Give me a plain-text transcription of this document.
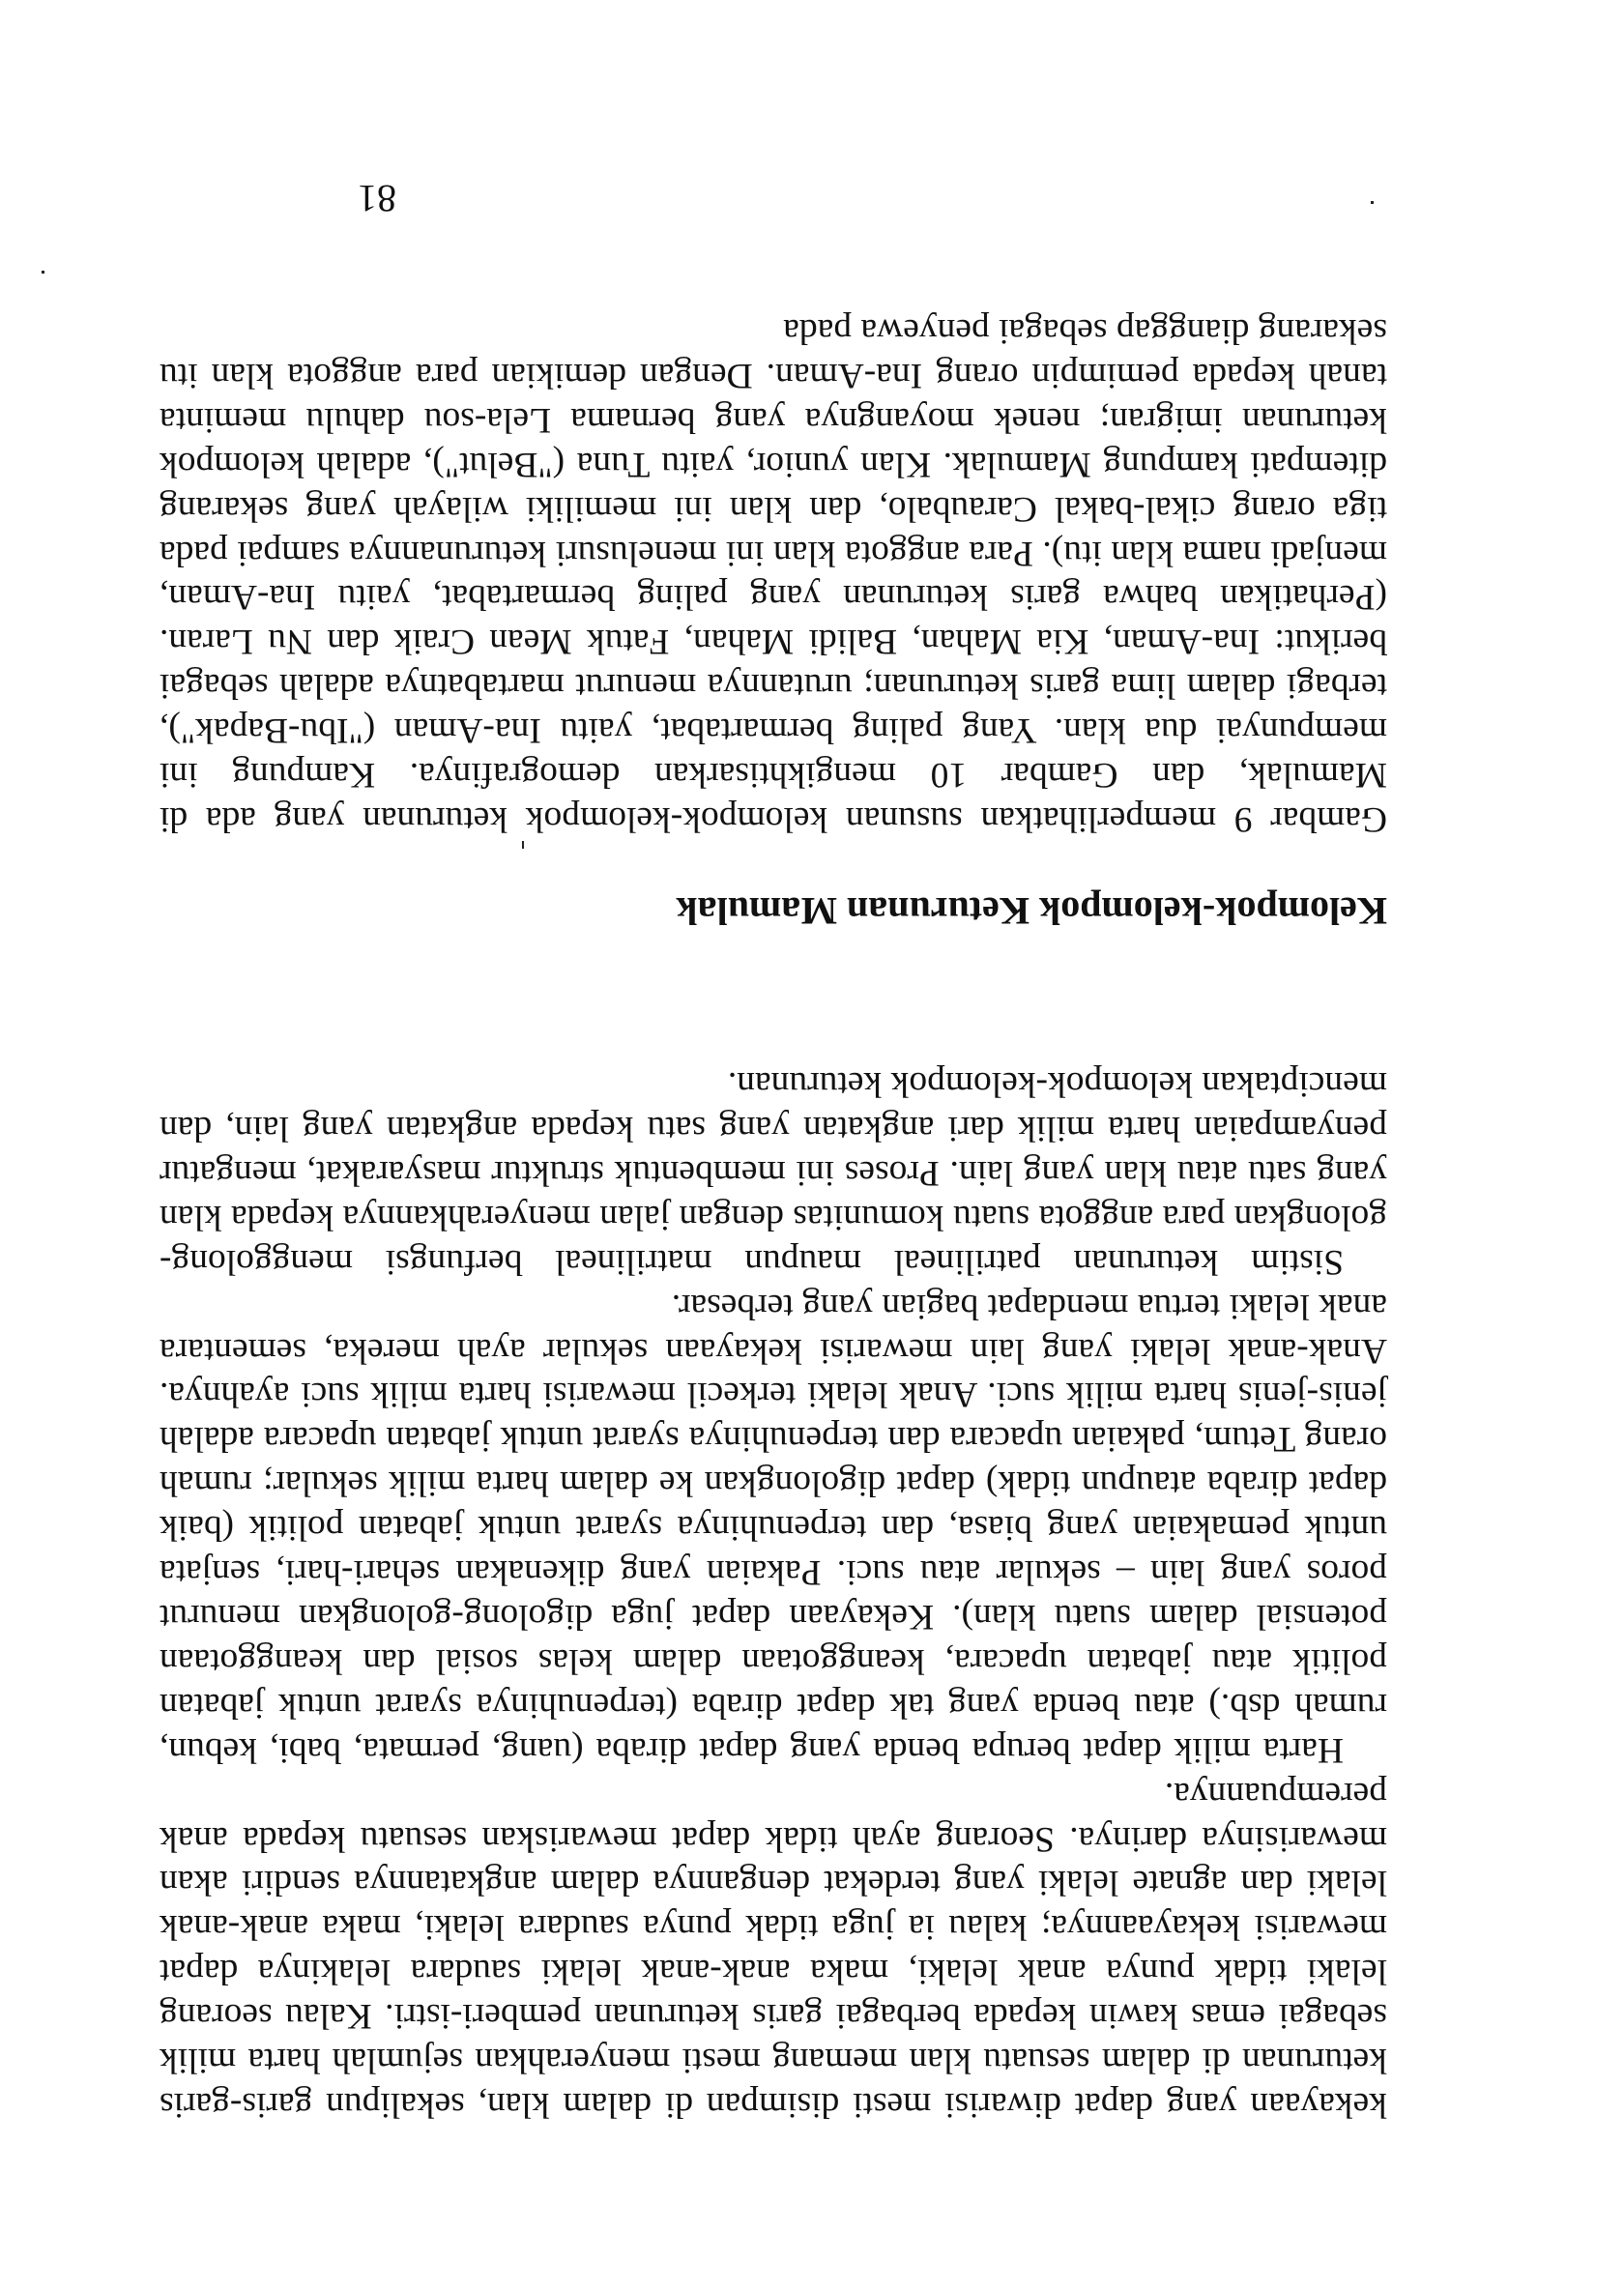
kekayaan yang dapat diwarisi mesti disimpan di dalam klan, sekalipun garis-garis keturunan di dalam sesuatu klan memang mesti menyerahkan sejumlah harta milik sebagai emas kawin kepada berbagai garis keturunan pemberi-istri. Kalau seorang lelaki tidak punya anak lelaki, maka anak-anak lelaki saudara lelakinya dapat mewarisi kekayaannya; kalau ia juga tidak punya saudara lelaki, maka anak-anak lelaki dan agnate lelaki yang terdekat dengannya dalam angkatannya sendiri akan mewarisinya darinya. Seorang ayah tidak dapat mewariskan sesuatu kepada anak perempuannya.

Harta milik dapat berupa benda yang dapat diraba (uang, permata, babi, kebun, rumah dsb.) atau benda yang tak dapat diraba (terpenuhinya syarat untuk jabatan politik atau jabatan upacara, keanggotaan dalam kelas sosial dan keanggotaan potensial dalam suatu klan). Kekayaan dapat juga digolong-golongkan menurut poros yang lain – sekular atau suci. Pakaian yang dikenakan sehari-hari, senjata untuk pemakaian yang biasa, dan terpenuhinya syarat untuk jabatan politik (baik dapat diraba ataupun tidak) dapat digolongkan ke dalam harta milik sekular; rumah orang Tetum, pakaian upacara dan terpenuhinya syarat untuk jabatan upacara adalah jenis-jenis harta milik suci. Anak lelaki terkecil mewarisi harta milik suci ayahnya. Anak-anak lelaki yang lain mewarisi kekayaan sekular ayah mereka, sementara anak lelaki tertua mendapat bagian yang terbesar.

Sistim keturunan patrilineal maupun matrilineal berfungsi menggolong-golongkan para anggota suatu komunitas dengan jalan menyerahkannya kepada klan yang satu atau klan yang lain. Proses ini membentuk struktur masyarakat, mengatur penyampaian harta milik dari angkatan yang satu kepada angkatan yang lain, dan menciptakan kelompok-kelompok keturunan.

Kelompok-kelompok Keturunan Mamulak

Gambar 9 memperlihatkan susunan kelompok-kelompok keturunan yang ada di Mamulak, dan Gambar 10 mengikhtisarkan demografinya. Kampung ini mempunyai dua klan. Yang paling bermartabat, yaitu Ina-Aman ("Ibu-Bapak"), terbagi dalam lima garis keturunan; urutannya menurut martabatnya adalah sebagai berikut: Ina-Aman, Kia Mahan, Balidi Mahan, Fatuk Mean Craik dan Nu Laran. (Perhatikan bahwa garis keturunan yang paling bermartabat, yaitu Ina-Aman, menjadi nama klan itu). Para anggota klan ini menelusuri keturunannya sampai pada tiga orang cikal-bakal Caraubalo, dan klan ini memiliki wilayah yang sekarang ditempati kampung Mamulak. Klan yunior, yaitu Tuna ("Belut"), adalah kelompok keturunan imigran; nenek moyangnya yang bernama Lela-sou dahulu meminta tanah kepada pemimpin orang Ina-Aman. Dengan demikian para anggota klan itu sekarang dianggap sebagai penyewa pada

81
